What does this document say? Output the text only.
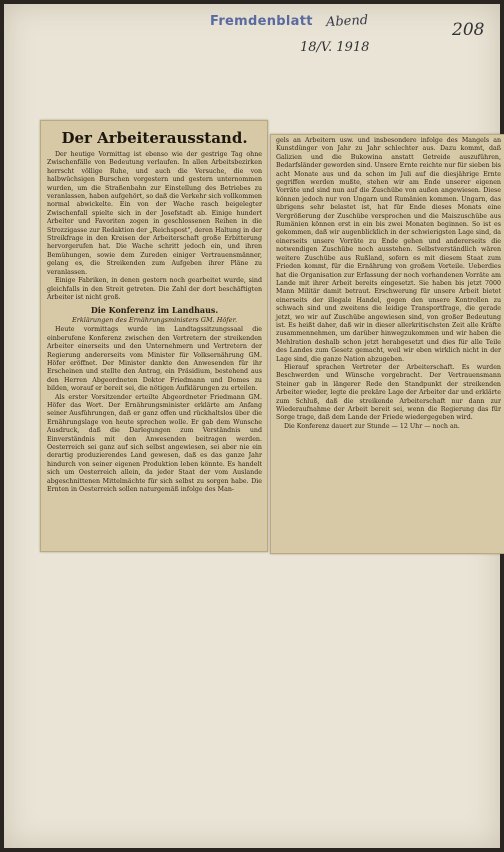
Fremdenblatt Abend
18/V. 1918
208
Der Arbeiterausstand.

Der heutige Vormittag ist ebenso wie der gestrige Tag ohne Zwischenfälle von Bedeutung verlaufen. In allen Arbeitsbezirken herrscht völlige Ruhe, und auch die Versuche, die von halbwüchsigen Burschen vorgestern und gestern unternommen wurden, um die Straßenbahn zur Einstellung des Betriebes zu veranlassen, haben aufgehört, so daß die Verkehr sich vollkommen normal abwickelte. Ein von der Wache rasch beigelegter Zwischenfall spielte sich in der Josefstadt ab. Einige hundert Arbeiter und Favoriten zogen in geschlossenen Reihen in die Strozzigasse zur Redaktion der „Reichspost", deren Haltung in der Streikfrage in den Kreisen der Arbeiterschaft große Erbitterung hervorgerufen hat. Die Wache schritt jedoch ein, und ihren Bemühungen, sowie dem Zureden einiger Vertrauensmänner, gelang es, die Streikenden zum Aufgeben ihrer Pläne zu veranlassen.

Einige Fabriken, in denen gestern noch gearbeitet wurde, sind gleichfalls in den Streit getreten. Die Zahl der dort beschäftigten Arbeiter ist nicht groß.

Die Konferenz im Landhaus.
Erklärungen des Ernährungsministers GM. Höfer.

Heute vormittags wurde im Landtagssitzungssaal die einberufene Konferenz zwischen den Vertretern der streikenden Arbeiter einerseits und den Unternehmern und Vertretern der Regierung andererseits vom Minister für Volksernährung GM. Höfer eröffnet. Der Minister dankte den Anwesenden für ihr Erscheinen und stellte den Antrag, ein Präsidium, bestehend aus den Herren Abgeordneten Doktor Friedmann und Domes zu bilden, worauf er bereit sei, die nötigen Aufklärungen zu erteilen.

Als erster Vorsitzender erteilte Abgeordneter Friedmann GM. Höfer das Wort. Der Ernährungsminister erklärte am Anfang seiner Ausführungen, daß er ganz offen und rückhaltslos über die Ernährungslage von heute sprechen wolle. Er gab dem Wunsche Ausdruck, daß die Darlegungen zum Verständnis und Einverständnis mit den Anwesenden beitragen werden. Oesterreich sei ganz auf sich selbst angewiesen, sei aber nie ein derartig produzierendes Land gewesen, daß es das ganze Jahr hindurch von seiner eigenen Produktion leben könnte. Es handelt sich um Oesterreich allein, da jeder Staat der vom Auslande abgeschnittenen Mittelmächte für sich selbst zu sorgen habe. Die Ernten in Oesterreich sollen naturgemäß infolge des Man-

gels an Arbeitern usw. und insbesondere infolge des Mangels an Kunstdünger von Jahr zu Jahr schlechter aus. Dazu kommt, daß Galizien und die Bukowina anstatt Getreide auszuführen, Bedarfsländer geworden sind. Unsere Ernte reichte nur für sieben bis acht Monate aus und da schon im Juli auf die diesjährige Ernte gegriffen werden mußte, stehen wir am Ende unserer eigenen Vorräte und sind nun auf die Zuschübe von außen angewiesen. Diese können jedoch nur von Ungarn und Rumänien kommen. Ungarn, das übrigens sehr belastet ist, hat für Ende dieses Monats eine Vergrößerung der Zuschübe versprochen und die Maiszuschübe aus Rumänien können erst in ein bis zwei Monaten beginnen. So ist es gekommen, daß wir augenblicklich in der schwierigsten Lage sind, da einerseits unsere Vorräte zu Ende gehen und andererseits die notwendigen Zuschübe noch ausstehen. Selbstverständlich wären weitere Zuschübe aus Rußland, sofern es mit diesem Staat zum Frieden kommt, für die Ernährung von großem Vorteile. Ueberdies hat die Organisation zur Erfassung der noch vorhandenen Vorräte am Lande mit ihrer Arbeit bereits eingesetzt. Sie haben bis jetzt 7000 Mann Militär damit betraut. Erschwerung für unsere Arbeit bietet einerseits der illegale Handel, gegen den unsere Kontrollen zu schwach sind und zweitens die leidige Transportfrage, die gerade jetzt, wo wir auf Zuschübe angewiesen sind, von großer Bedeutung ist. Es heißt daher, daß wir in dieser allerkritischsten Zeit alle Kräfte zusammennehmen, um darüber hinwegzukommen und wir haben die Mehlration deshalb schon jetzt herabgesetzt und dies für alle Teile des Landes zum Gesetz gemacht, weil wir eben wirklich nicht in der Lage sind, die ganze Nation abzugeben.

Hierauf sprachen Vertreter der Arbeiterschaft. Es wurden Beschwerden und Wünsche vorgebracht. Der Vertrauensmann Steiner gab in längerer Rede den Standpunkt der streikenden Arbeiter wieder, legte die prekäre Lage der Arbeiter dar und erklärte zum Schluß, daß die streikende Arbeiterschaft nur dann zur Wiederaufnahme der Arbeit bereit sei, wenn die Regierung das für Sorge trage, daß dem Lande der Friede wiedergegeben wird.

Die Konferenz dauert zur Stunde — 12 Uhr — noch an.
